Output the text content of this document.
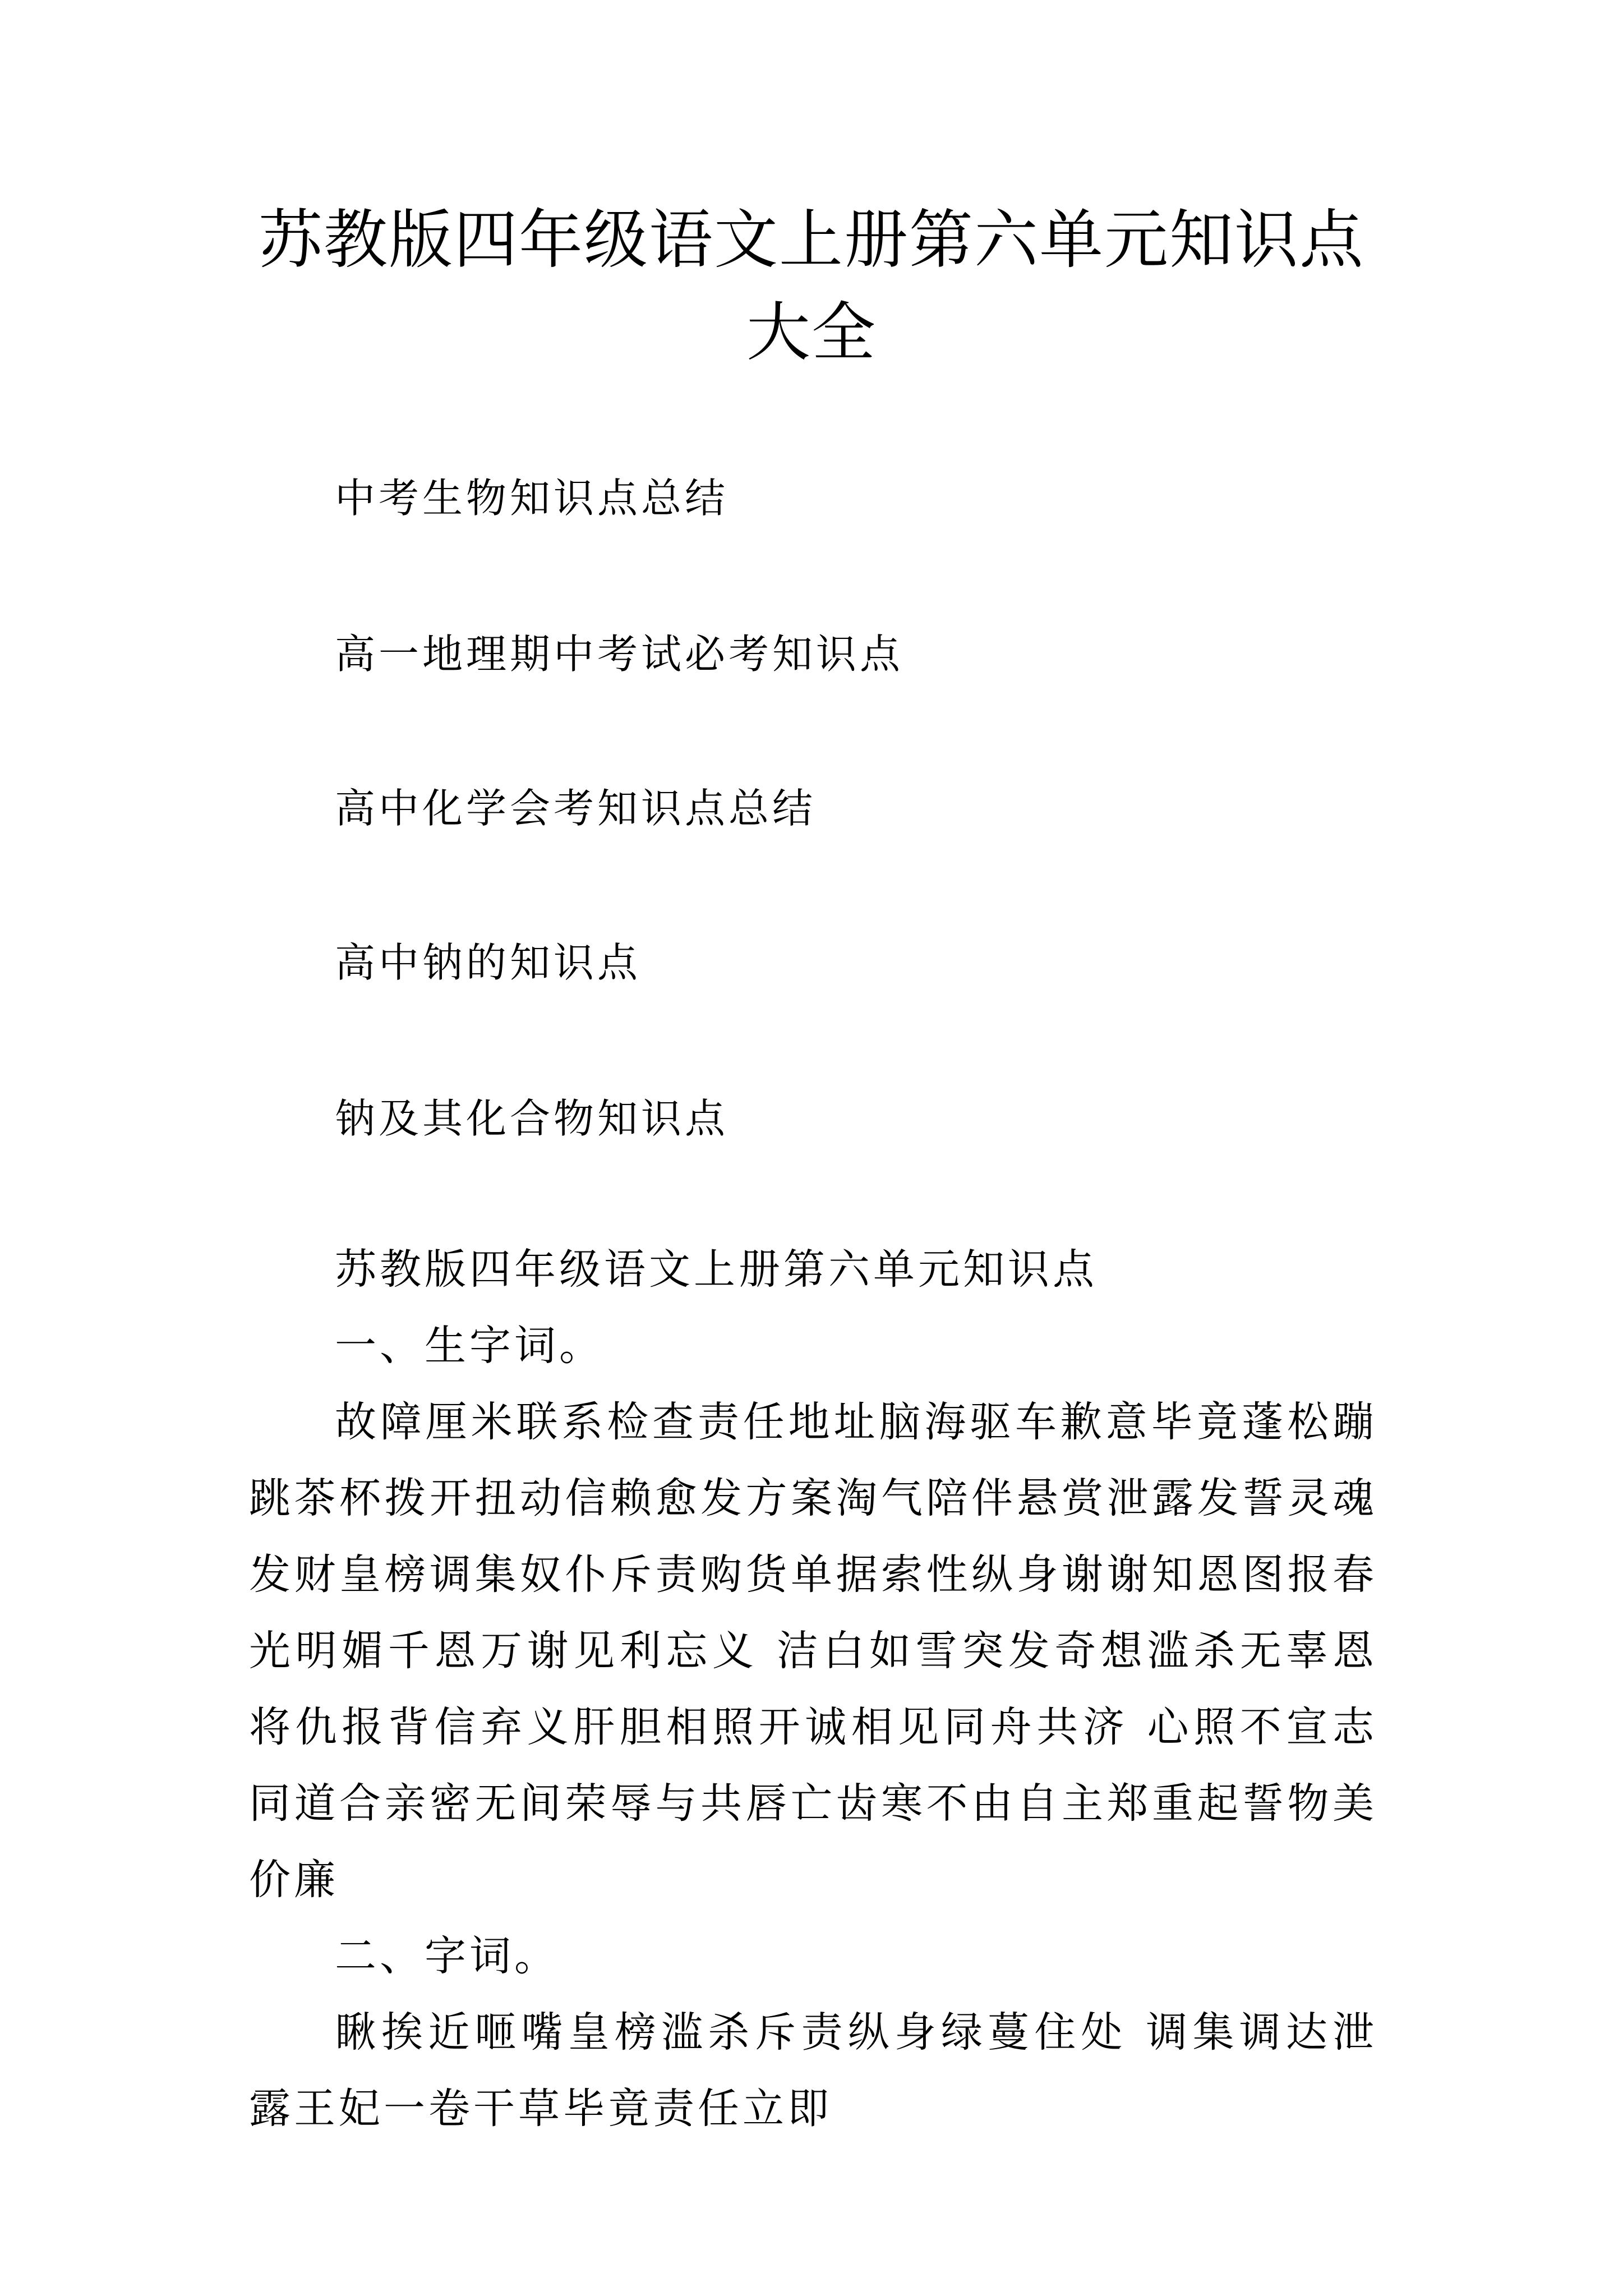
苏教版四年级语文上册第六单元知识点大全

中考生物知识点总结

高一地理期中考试必考知识点

高中化学会考知识点总结

高中钠的知识点

钠及其化合物知识点

苏教版四年级语文上册第六单元知识点

一、生字词。

故障厘米联系检查责任地址脑海驱车歉意毕竟蓬松蹦跳茶杯拨开扭动信赖愈发方案淘气陪伴悬赏泄露发誓灵魂发财皇榜调集奴仆斥责购货单据索性纵身谢谢知恩图报春光明媚千恩万谢见利忘义 洁白如雪突发奇想滥杀无辜恩将仇报背信弃义肝胆相照开诚相见同舟共济 心照不宣志同道合亲密无间荣辱与共唇亡齿寒不由自主郑重起誓物美价廉

二、字词。

瞅挨近咂嘴皇榜滥杀斥责纵身绿蔓住处 调集调达泄露王妃一卷干草毕竟责任立即
